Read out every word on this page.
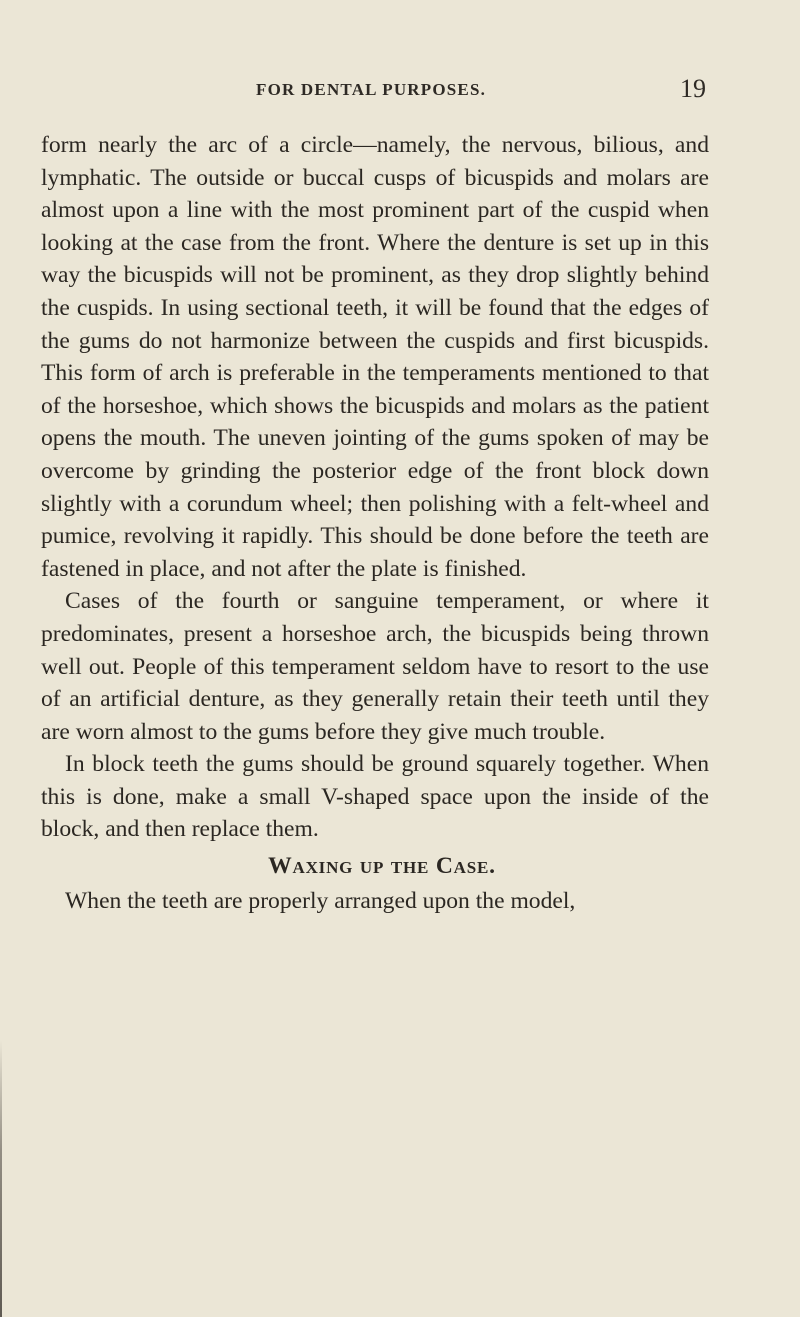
FOR DENTAL PURPOSES.	19

form nearly the arc of a circle—namely, the nervous, bilious, and lymphatic. The outside or buccal cusps of bicuspids and molars are almost upon a line with the most prominent part of the cuspid when looking at the case from the front. Where the denture is set up in this way the bicuspids will not be prominent, as they drop slightly behind the cuspids. In using sectional teeth, it will be found that the edges of the gums do not harmonize between the cuspids and first bicuspids. This form of arch is preferable in the temperaments mentioned to that of the horseshoe, which shows the bicuspids and molars as the patient opens the mouth. The uneven jointing of the gums spoken of may be overcome by grinding the posterior edge of the front block down slightly with a corundum wheel; then polishing with a felt-wheel and pumice, revolving it rapidly. This should be done before the teeth are fastened in place, and not after the plate is finished.

Cases of the fourth or sanguine temperament, or where it predominates, present a horseshoe arch, the bicuspids being thrown well out. People of this temperament seldom have to resort to the use of an artificial denture, as they generally retain their teeth until they are worn almost to the gums before they give much trouble.

In block teeth the gums should be ground squarely together. When this is done, make a small V-shaped space upon the inside of the block, and then replace them.

Waxing up the Case.

When the teeth are properly arranged upon the model,
